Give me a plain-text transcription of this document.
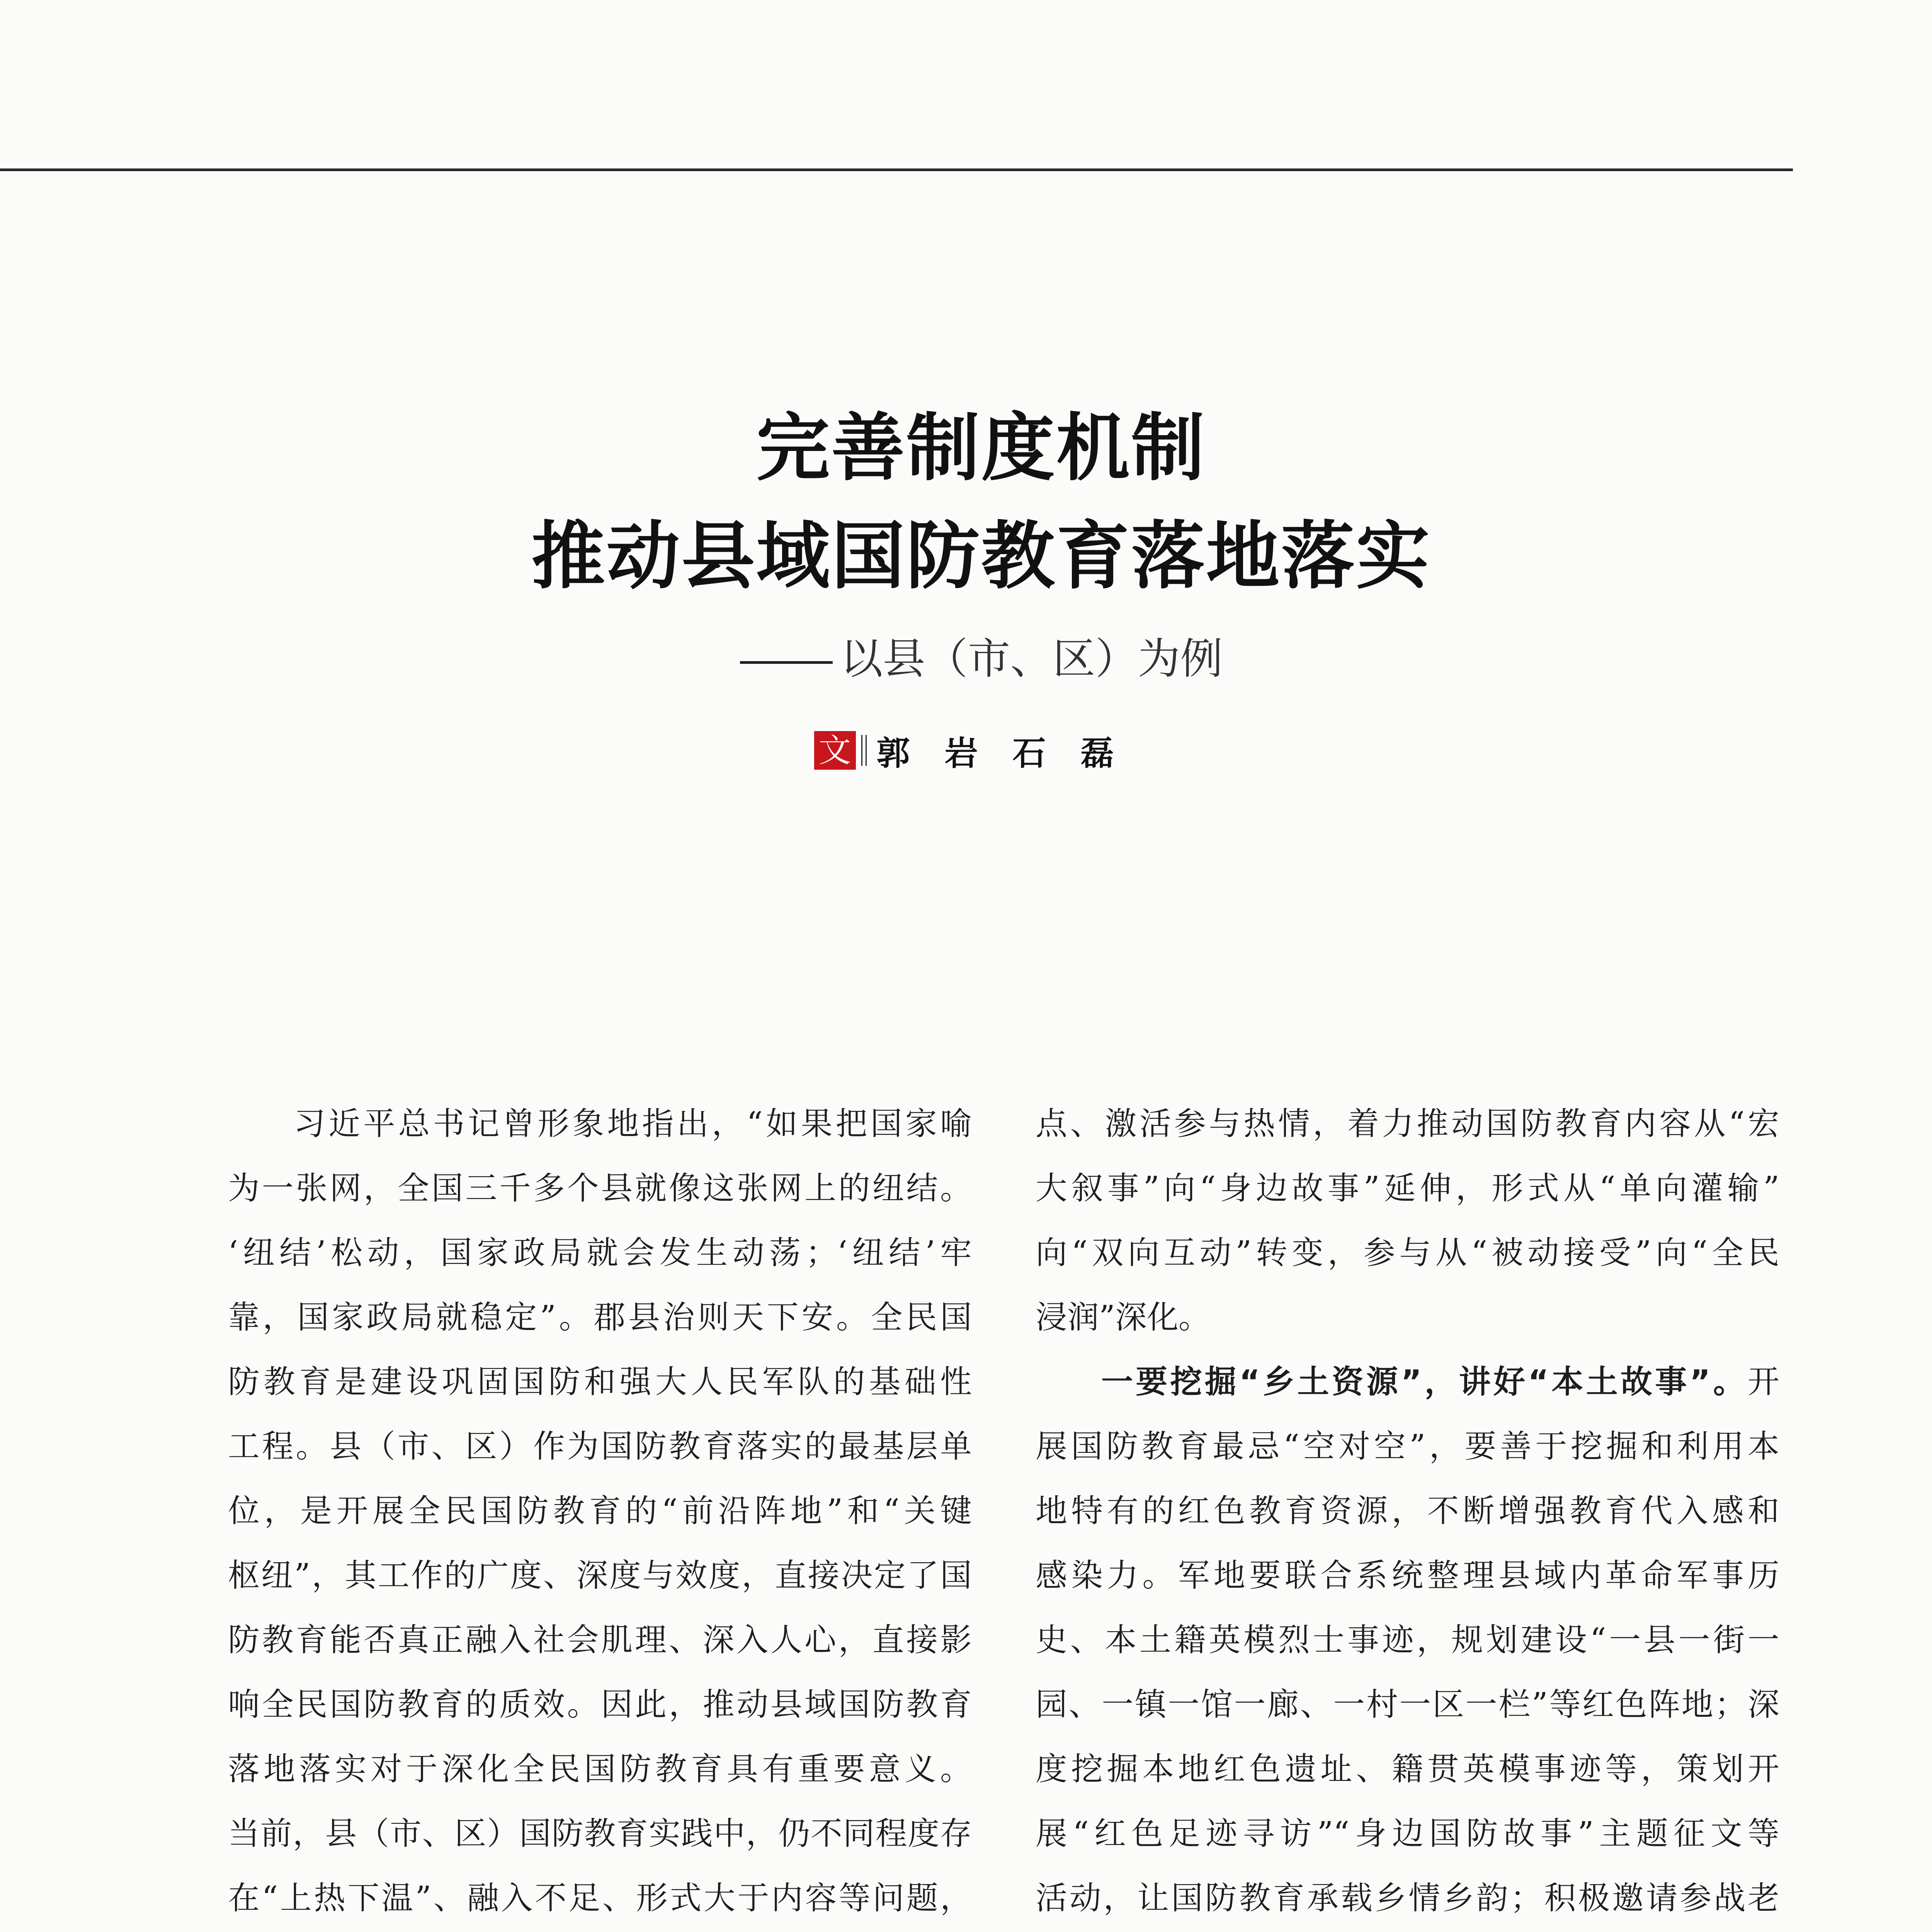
完善制度机制
推动县域国防教育落地落实
以县（市、区）为例
文 郭岩石磊
习近平总书记曾形象地指出，“如果把国家喻
为一张网，全国三千多个县就像这张网上的纽结。
‘纽结’松动，国家政局就会发生动荡；‘纽结’牢
靠，国家政局就稳定”。郡县治则天下安。全民国
防教育是建设巩固国防和强大人民军队的基础性
工程。县（市、区）作为国防教育落实的最基层单
位，是开展全民国防教育的“前沿阵地”和“关键
枢纽”，其工作的广度、深度与效度，直接决定了国
防教育能否真正融入社会肌理、深入人心，直接影
响全民国防教育的质效。因此，推动县域国防教育
落地落实对于深化全民国防教育具有重要意义。
当前，县（市、区）国防教育实践中，仍不同程度存
在“上热下温”、融入不足、形式大于内容等问题，
点、激活参与热情，着力推动国防教育内容从“宏
大叙事”向“身边故事”延伸，形式从“单向灌输”
向“双向互动”转变，参与从“被动接受”向“全民
浸润”深化。
一要挖掘“乡土资源”，讲好“本土故事”。开
展国防教育最忌“空对空”，要善于挖掘和利用本
地特有的红色教育资源，不断增强教育代入感和
感染力。军地要联合系统整理县域内革命军事历
史、本土籍英模烈士事迹，规划建设“一县一街一
园、一镇一馆一廊、一村一区一栏”等红色阵地；深
度挖掘本地红色遗址、籍贯英模事迹等，策划开
展“红色足迹寻访”“身边国防故事”主题征文等
活动，让国防教育承载乡情乡韵；积极邀请参战老
